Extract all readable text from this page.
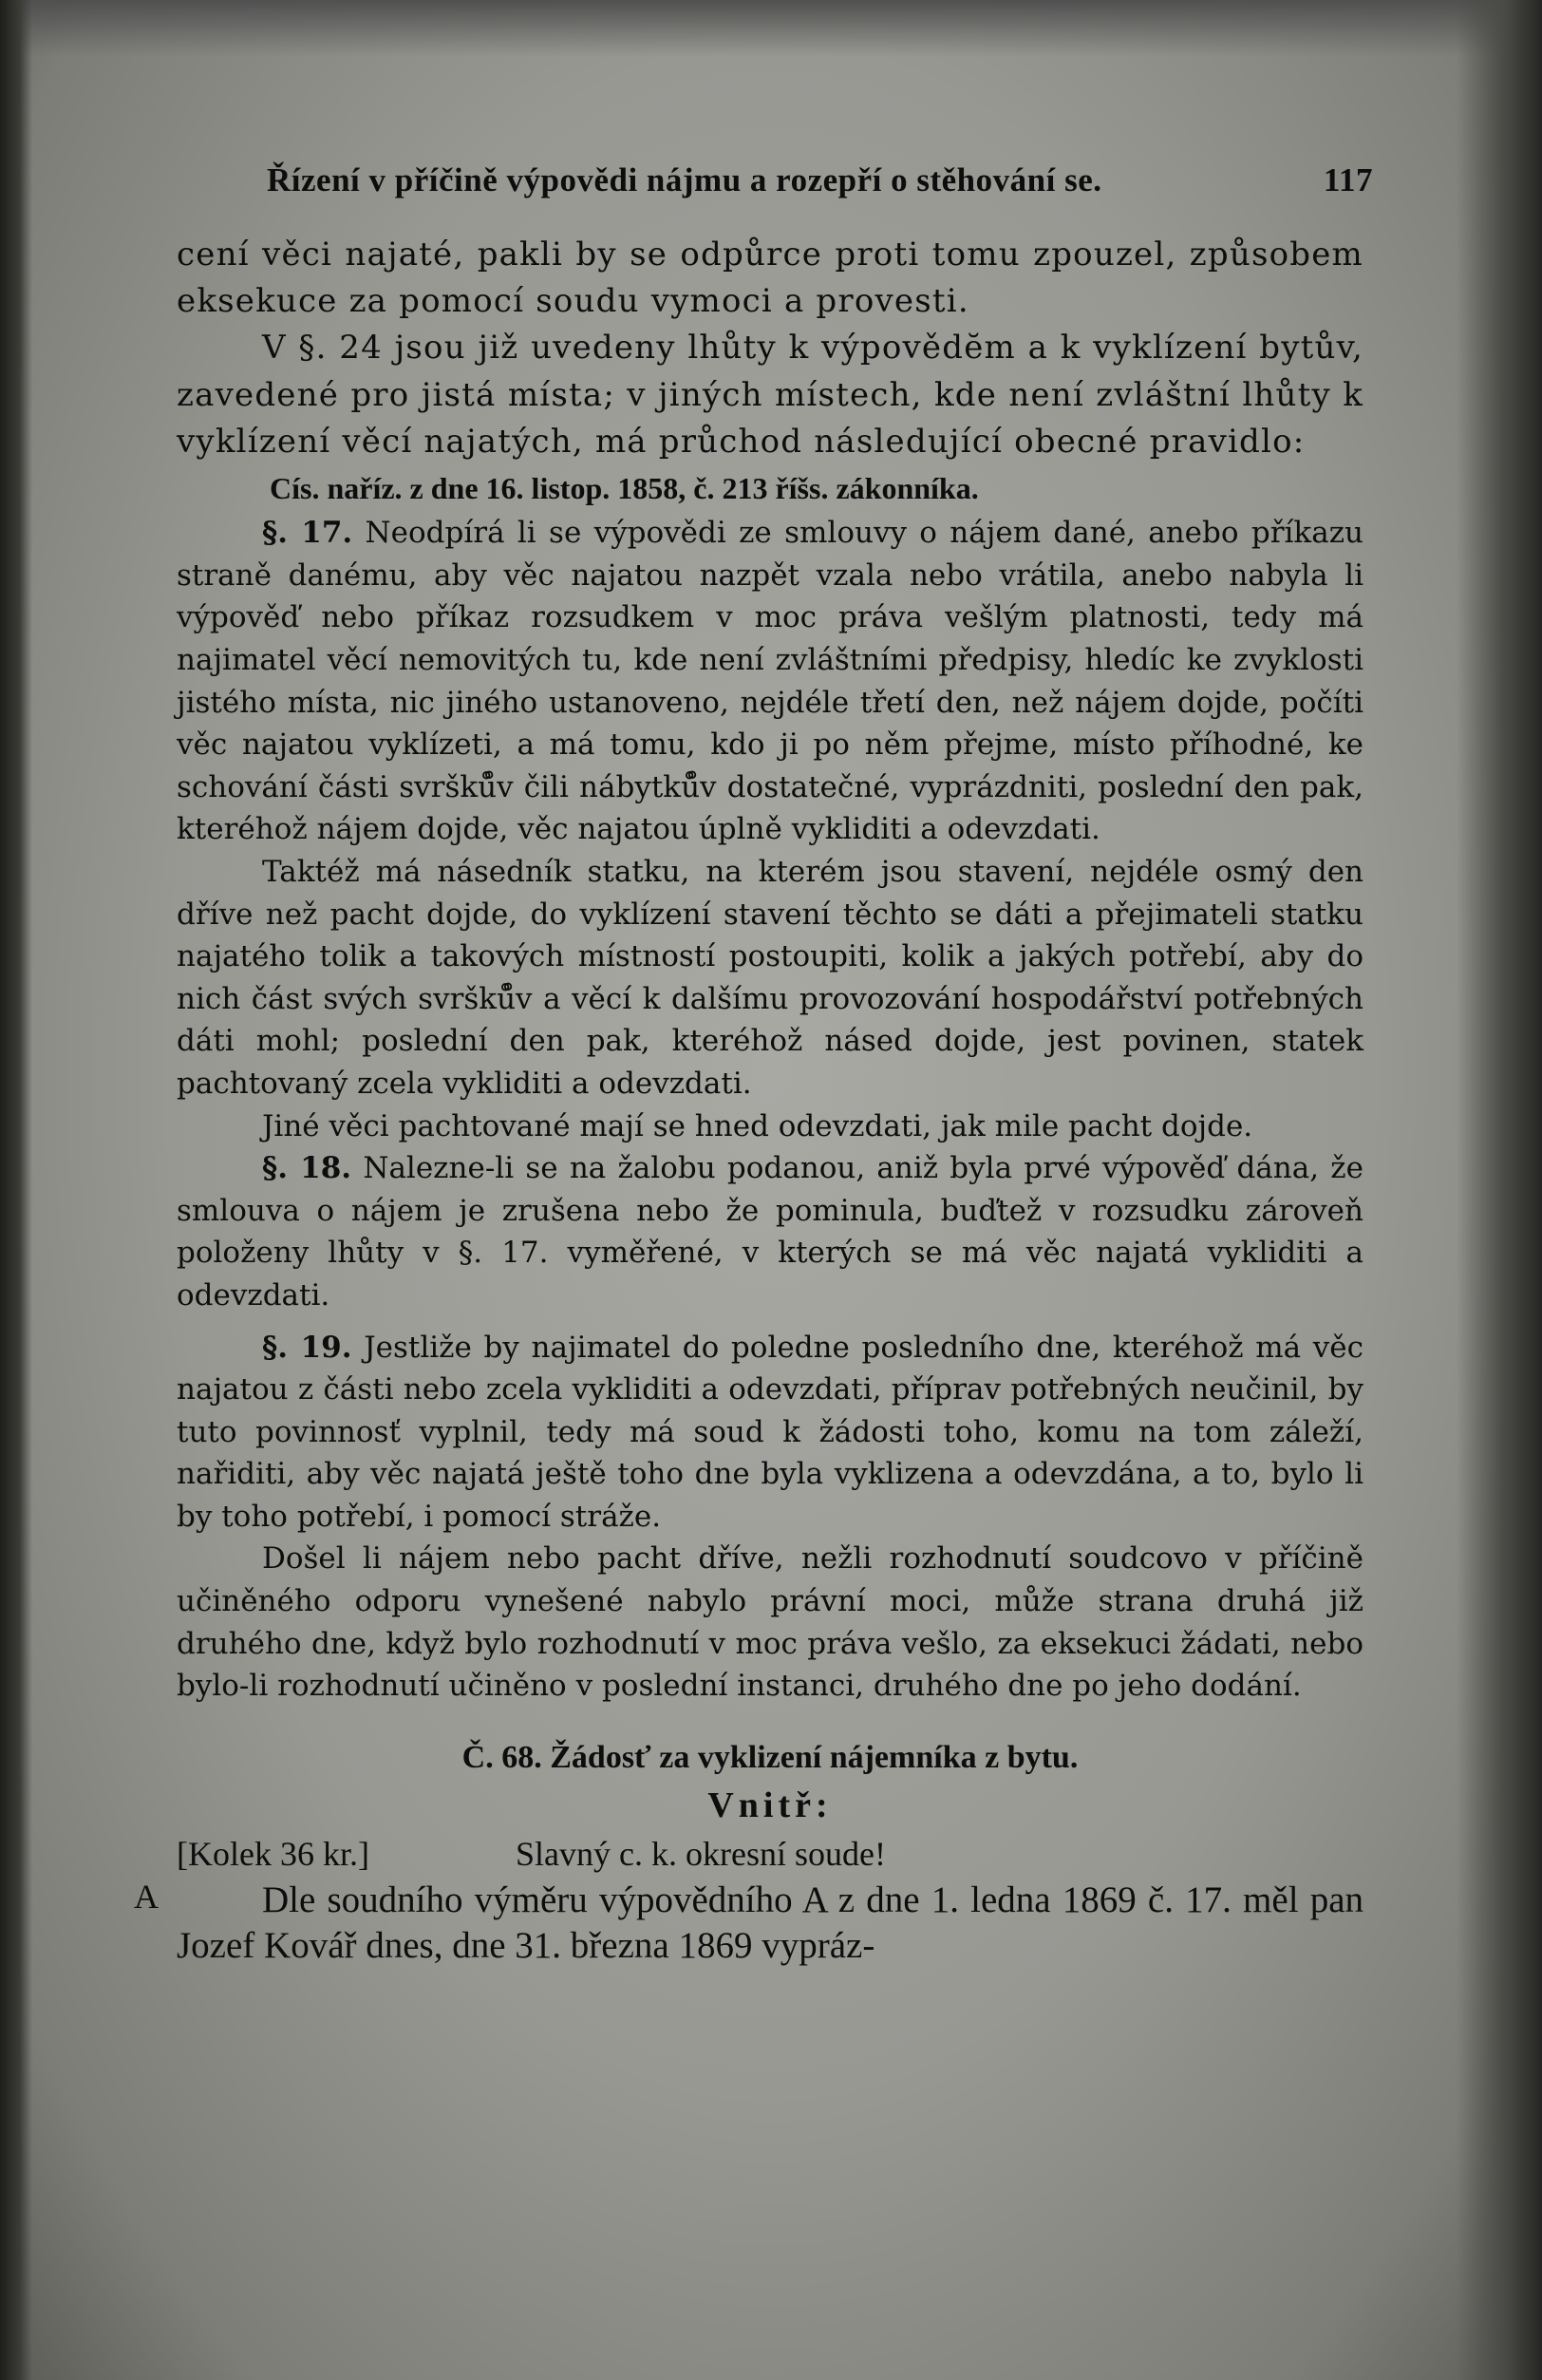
Řízení v příčině výpovědi nájmu a rozepří o stěhování se.	117

cení věci najaté, pakli by se odpůrce proti tomu zpouzel, způsobem eksekuce za pomocí soudu vymoci a provesti.

V §. 24 jsou již uvedeny lhůty k výpovědĕm a k vyklízení bytův, zavedené pro jistá místa; v jiných místech, kde není zvláštní lhůty k vyklízení věcí najatých, má průchod následující obecné pravidlo:

Cís. naříz. z dne 16. listop. 1858, č. 213 říšs. zákonníka.

§. 17. Neodpírá li se výpovědi ze smlouvy o nájem dané, anebo příkazu straně danému, aby věc najatou nazpět vzala nebo vrátila, anebo nabyla li výpověď nebo příkaz rozsudkem v moc práva vešlým platnosti, tedy má najimatel věcí nemovitých tu, kde není zvláštními předpisy, hledíc ke zvyklosti jistého místa, nic jiného ustanoveno, nejdéle třetí den, než nájem dojde, počíti věc najatou vyklízeti, a má tomu, kdo ji po něm přejme, místo příhodné, ke schování části svršků̊v čili nábytků̊v dostatečné, vyprázdniti, poslední den pak, kteréhož nájem dojde, věc najatou úplně vykliditi a odevzdati.

Taktéž má násedník statku, na kterém jsou stavení, nejdéle osmý den dříve než pacht dojde, do vyklízení stavení těchto se dáti a přejimateli statku najatého tolik a takových místností postoupiti, kolik a jakých potřebí, aby do nich část svých svršků̊v a věcí k dalšímu provozování hospodářství potřebných dáti mohl; poslední den pak, kteréhož násed dojde, jest povinen, statek pachtovaný zcela vykliditi a odevzdati.

Jiné věci pachtované mají se hned odevzdati, jak mile pacht dojde.

§. 18. Nalezne-li se na žalobu podanou, aniž byla prvé výpověď dána, že smlouva o nájem je zrušena nebo že pominula, buďtež v rozsudku zároveň položeny lhůty v §. 17. vyměřené, v kterých se má věc najatá vykliditi a odevzdati.

§. 19. Jestliže by najimatel do poledne posledního dne, kteréhož má věc najatou z části nebo zcela vykliditi a odevzdati, příprav potřebných neučinil, by tuto povinnosť vyplnil, tedy má soud k žádosti toho, komu na tom záleží, nařiditi, aby věc najatá ještě toho dne byla vyklizena a odevzdána, a to, bylo li by toho potřebí, i pomocí stráže.

Došel li nájem nebo pacht dříve, nežli rozhodnutí soudcovo v příčině učiněného odporu vynešené nabylo právní moci, může strana druhá již druhého dne, když bylo rozhodnutí v moc práva vešlo, za eksekuci žádati, nebo bylo-li rozhodnutí učiněno v poslední instanci, druhého dne po jeho dodání.

Č. 68. Žádosť za vyklizení nájemníka z bytu.
Vnitř:
[Kolek 36 kr.]	Slavný c. k. okresní soude!
A	Dle soudního výměru výpovědního A z dne 1. ledna 1869 č. 17. měl pan Jozef Kovář dnes, dne 31. března 1869 vypráz-
